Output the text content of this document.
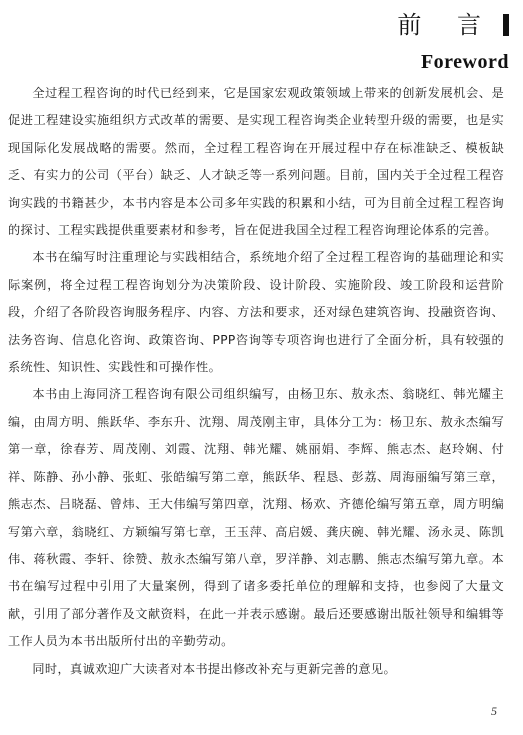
前 言
Foreword

全过程工程咨询的时代已经到来，它是国家宏观政策领域上带来的创新发展机会、是促进工程建设实施组织方式改革的需要、是实现工程咨询类企业转型升级的需要，也是实现国际化发展战略的需要。然而，全过程工程咨询在开展过程中存在标准缺乏、模板缺乏、有实力的公司（平台）缺乏、人才缺乏等一系列问题。目前，国内关于全过程工程咨询实践的书籍甚少，本书内容是本公司多年实践的积累和小结，可为目前全过程工程咨询的探讨、工程实践提供重要素材和参考，旨在促进我国全过程工程咨询理论体系的完善。

本书在编写时注重理论与实践相结合，系统地介绍了全过程工程咨询的基础理论和实际案例，将全过程工程咨询划分为决策阶段、设计阶段、实施阶段、竣工阶段和运营阶段，介绍了各阶段咨询服务程序、内容、方法和要求，还对绿色建筑咨询、投融资咨询、法务咨询、信息化咨询、政策咨询、PPP咨询等专项咨询也进行了全面分析，具有较强的系统性、知识性、实践性和可操作性。

本书由上海同济工程咨询有限公司组织编写，由杨卫东、敖永杰、翁晓红、韩光耀主编，由周方明、熊跃华、李东升、沈翔、周茂刚主审，具体分工为：杨卫东、敖永杰编写第一章，徐春芳、周茂刚、刘霞、沈翔、韩光耀、姚丽娟、李辉、熊志杰、赵玲娴、付祥、陈静、孙小静、张虹、张皓编写第二章，熊跃华、程恳、彭荔、周海丽编写第三章，熊志杰、吕晓磊、曾炜、王大伟编写第四章，沈翔、杨欢、齐德伦编写第五章，周方明编写第六章，翁晓红、方颖编写第七章，王玉萍、高启媛、龚庆碗、韩光耀、汤永灵、陈凯伟、蒋秋霞、李轩、徐赞、敖永杰编写第八章，罗洋静、刘志鹏、熊志杰编写第九章。本书在编写过程中引用了大量案例，得到了诸多委托单位的理解和支持，也参阅了大量文献，引用了部分著作及文献资料，在此一并表示感谢。最后还要感谢出版社领导和编辑等工作人员为本书出版所付出的辛勤劳动。

同时，真诚欢迎广大读者对本书提出修改补充与更新完善的意见。

5
